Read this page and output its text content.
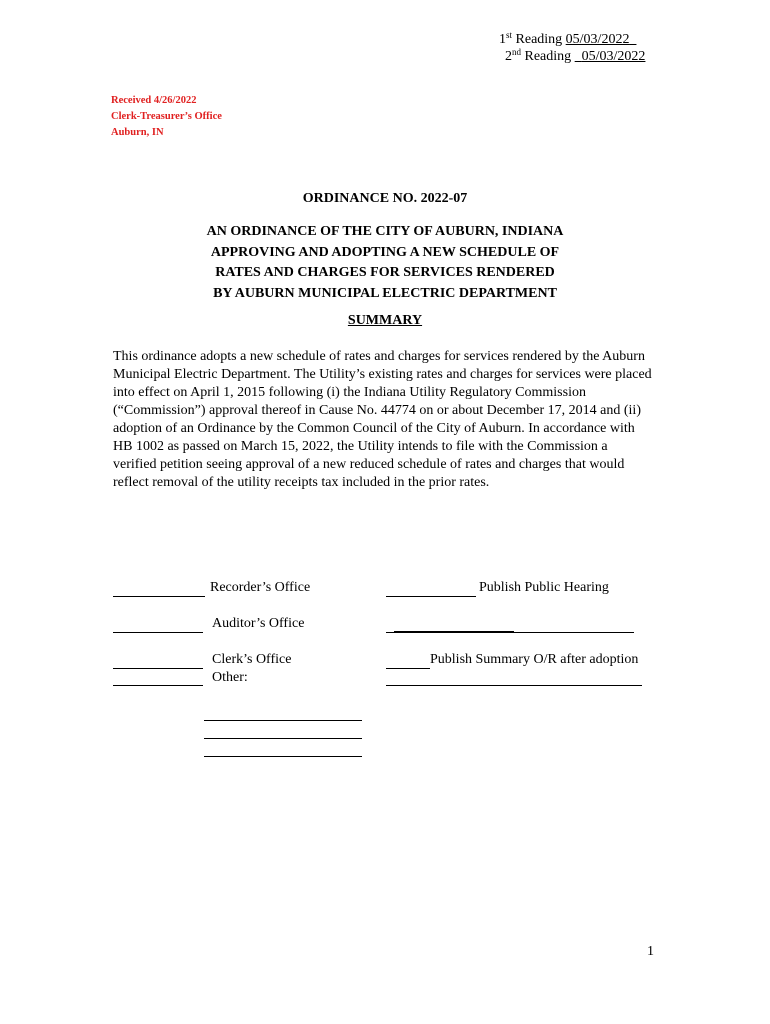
1st Reading 05/03/2022
2nd Reading 05/03/2022
Received 4/26/2022
Clerk-Treasurer’s Office
Auburn, IN
ORDINANCE NO. 2022-07
AN ORDINANCE OF THE CITY OF AUBURN, INDIANA
APPROVING AND ADOPTING A NEW SCHEDULE OF
RATES AND CHARGES FOR SERVICES RENDERED
BY AUBURN MUNICIPAL ELECTRIC DEPARTMENT
SUMMARY
This ordinance adopts a new schedule of rates and charges for services rendered by the Auburn Municipal Electric Department. The Utility’s existing rates and charges for services were placed into effect on April 1, 2015 following (i) the Indiana Utility Regulatory Commission (“Commission”) approval thereof in Cause No. 44774 on or about December 17, 2014 and (ii) adoption of an Ordinance by the Common Council of the City of Auburn. In accordance with HB 1002 as passed on March 15, 2022, the Utility intends to file with the Commission a verified petition seeing approval of a new reduced schedule of rates and charges that would reflect removal of the utility receipts tax included in the prior rates.
Recorder’s Office
Auditor’s Office
Clerk’s Office
Other:
Publish Public Hearing
Publish Summary O/R after adoption
1
